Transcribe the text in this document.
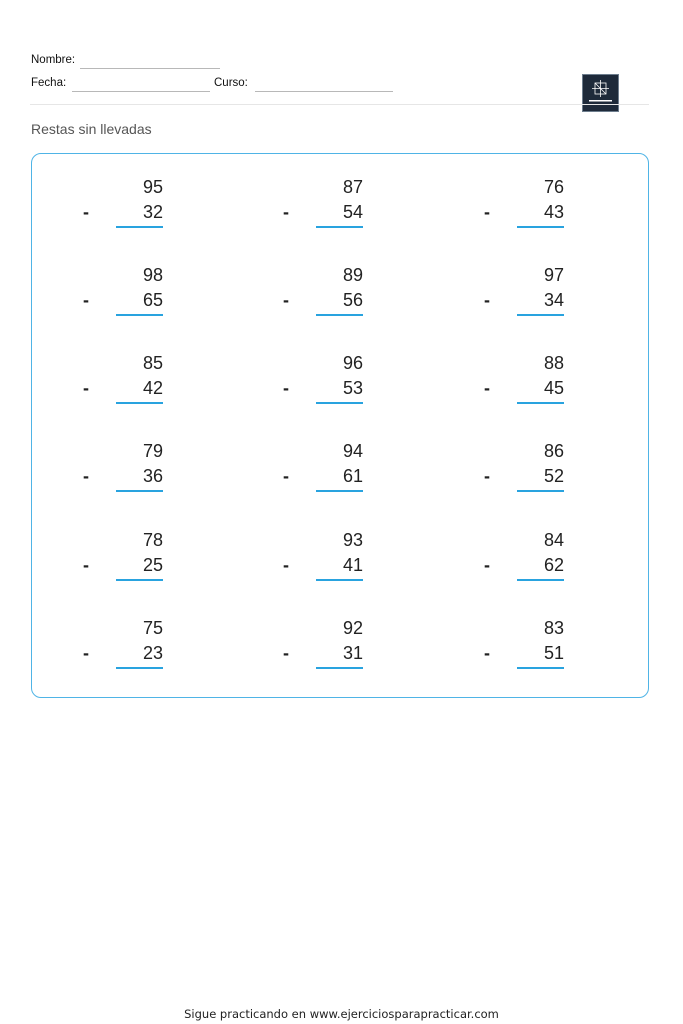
Nombre:
Fecha:	Curso:
Restas sin llevadas
95
-	32
87
-	54
76
-	43
98
-	65
89
-	56
97
-	34
85
-	42
96
-	53
88
-	45
79
-	36
94
-	61
86
-	52
78
-	25
93
-	41
84
-	62
75
-	23
92
-	31
83
-	51
Sigue practicando en www.ejerciciosparapracticar.com
